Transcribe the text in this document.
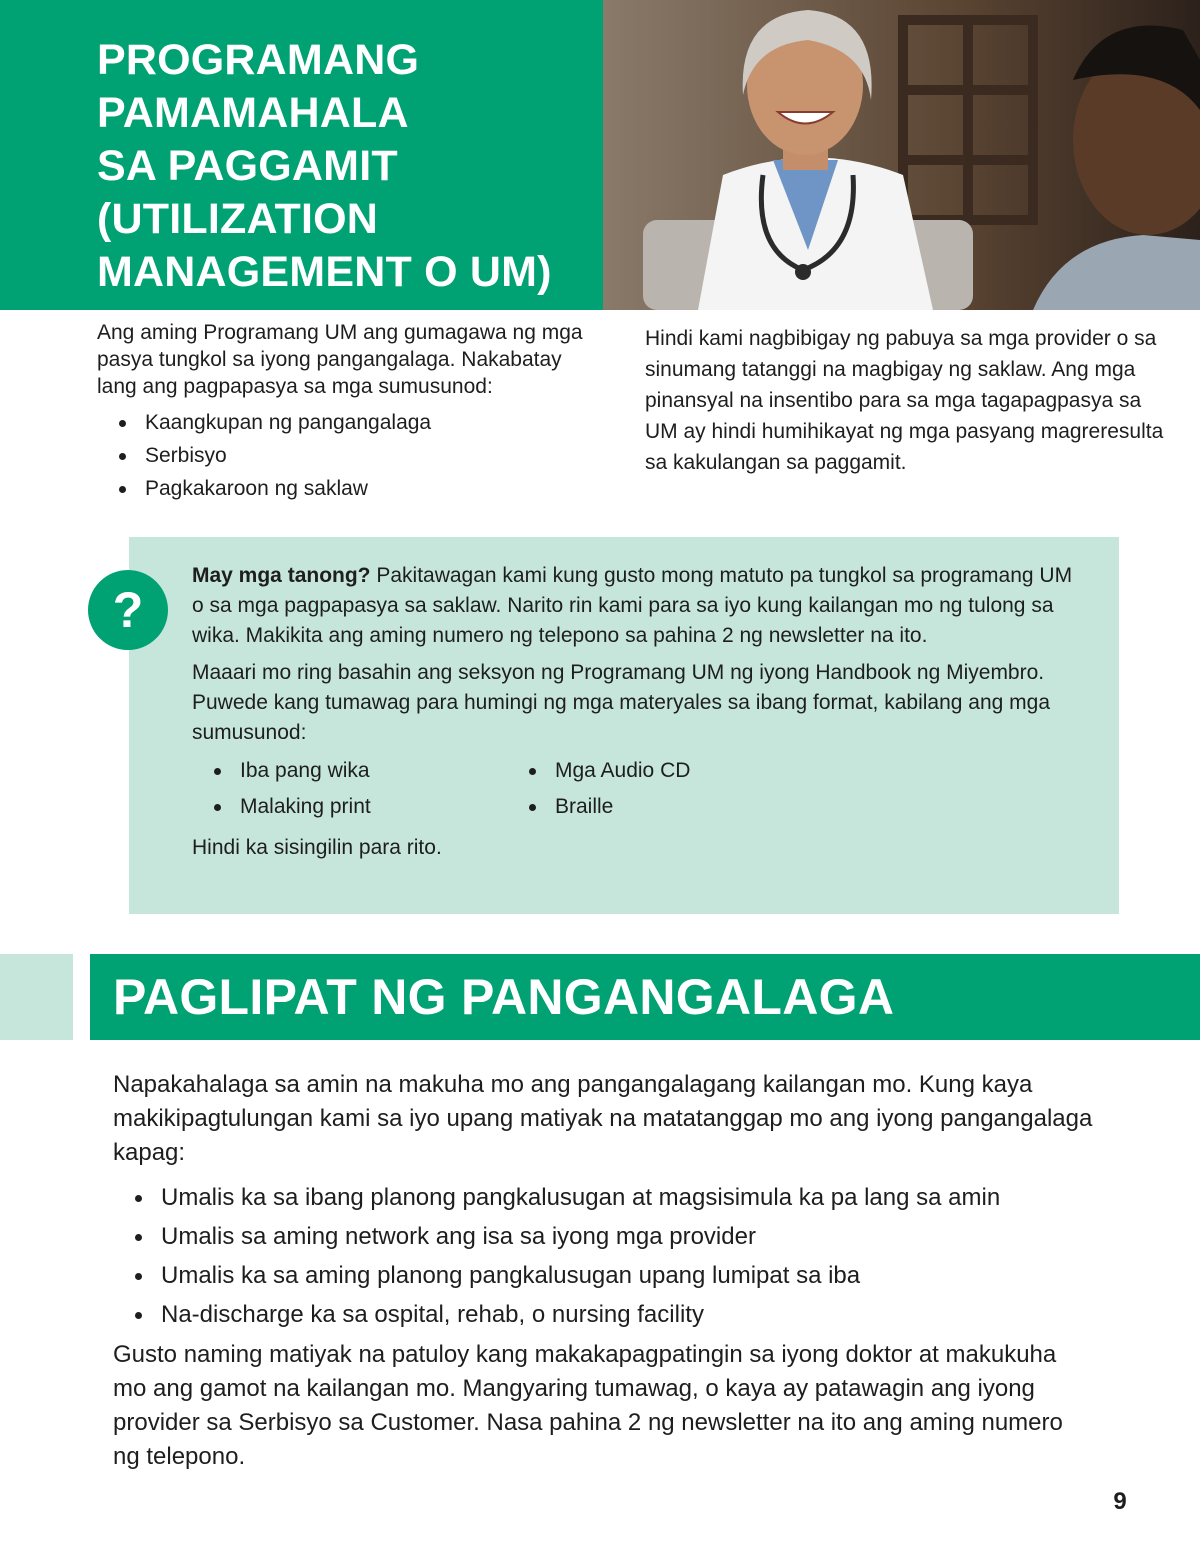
PROGRAMANG
PAMAMAHALA
SA PAGGAMIT
(UTILIZATION
MANAGEMENT O UM)

Ang aming Programang UM ang gumagawa ng mga pasya tungkol sa iyong pangangalaga. Nakabatay lang ang pagpapasya sa mga sumusunod:

Kaangkupan ng pangangalaga
Serbisyo
Pagkakaroon ng saklaw

Hindi kami nagbibigay ng pabuya sa mga provider o sa sinumang tatanggi na magbigay ng saklaw. Ang mga pinansyal na insentibo para sa mga tagapagpasya sa UM ay hindi humihikayat ng mga pasyang magreresulta sa kakulangan sa paggamit.

May mga tanong? Pakitawagan kami kung gusto mong matuto pa tungkol sa programang UM o sa mga pagpapasya sa saklaw. Narito rin kami para sa iyo kung kailangan mo ng tulong sa wika. Makikita ang aming numero ng telepono sa pahina 2 ng newsletter na ito.

Maaari mo ring basahin ang seksyon ng Programang UM ng iyong Handbook ng Miyembro. Puwede kang tumawag para humingi ng mga materyales sa ibang format, kabilang ang mga sumusunod:

Iba pang wika	Mga Audio CD
Malaking print	Braille

Hindi ka sisingilin para rito.

?
PAGLIPAT NG PANGANGALAGA

Napakahalaga sa amin na makuha mo ang pangangalagang kailangan mo. Kung kaya makikipagtulungan kami sa iyo upang matiyak na matatanggap mo ang iyong pangangalaga kapag:

Umalis ka sa ibang planong pangkalusugan at magsisimula ka pa lang sa amin
Umalis sa aming network ang isa sa iyong mga provider
Umalis ka sa aming planong pangkalusugan upang lumipat sa iba
Na-discharge ka sa ospital, rehab, o nursing facility

Gusto naming matiyak na patuloy kang makakapagpatingin sa iyong doktor at makukuha mo ang gamot na kailangan mo. Mangyaring tumawag, o kaya ay patawagin ang iyong provider sa Serbisyo sa Customer. Nasa pahina 2 ng newsletter na ito ang aming numero ng telepono.

9
